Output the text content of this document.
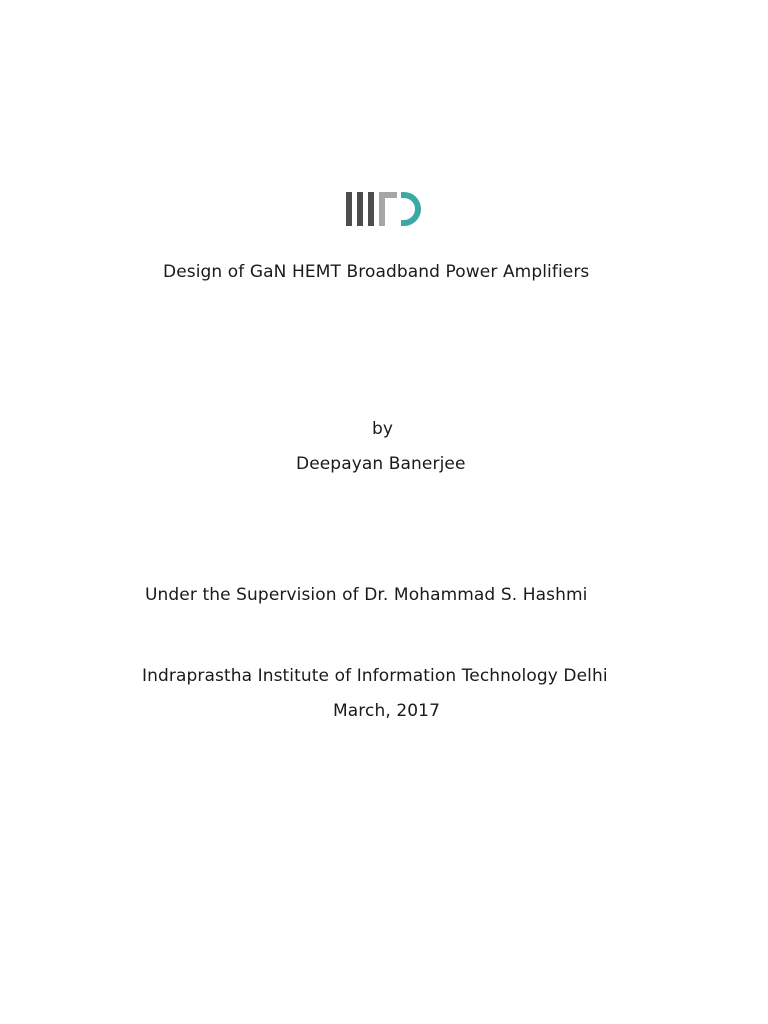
Design of GaN HEMT Broadband Power Amplifiers
by
Deepayan Banerjee
Under the Supervision of Dr. Mohammad S. Hashmi
Indraprastha Institute of Information Technology Delhi
March, 2017
